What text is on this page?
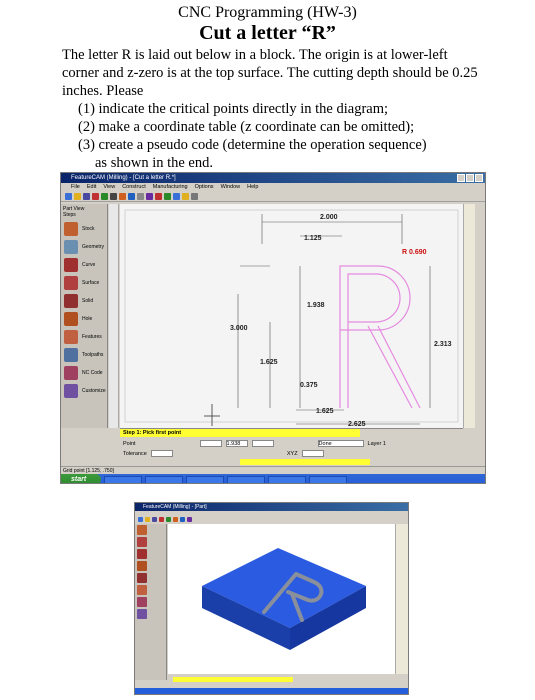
CNC Programming (HW-3)
Cut a letter “R”
The letter R is laid out below in a block. The origin is at lower-left corner and z-zero is at the top surface. The cutting depth should be 0.25 inches. Please
(1) indicate the critical points directly in the diagram;
(2) make a coordinate table (z coordinate can be omitted);
(3) create a pseudo code (determine the operation sequence)
as shown in the end.
FeatureCAM (Milling) - [Cut a letter R.*]
File Edit View Construct Manufacturing Options Window Help
Part View
Steps
Stock
Geometry
Curve
Surface
Solid
Hole
Features
Toolpaths
NC Code
Customize
2.000
1.125
R 0.690
1.938
3.000
2.313
1.625
0.375
1.625
2.625
Step 1: Pick first point
Point	1.938	Done	Layer 1
Tolerance	XYZ
Grid point [1.125, .750]
start
FeatureCAM (Milling) - [Part]
